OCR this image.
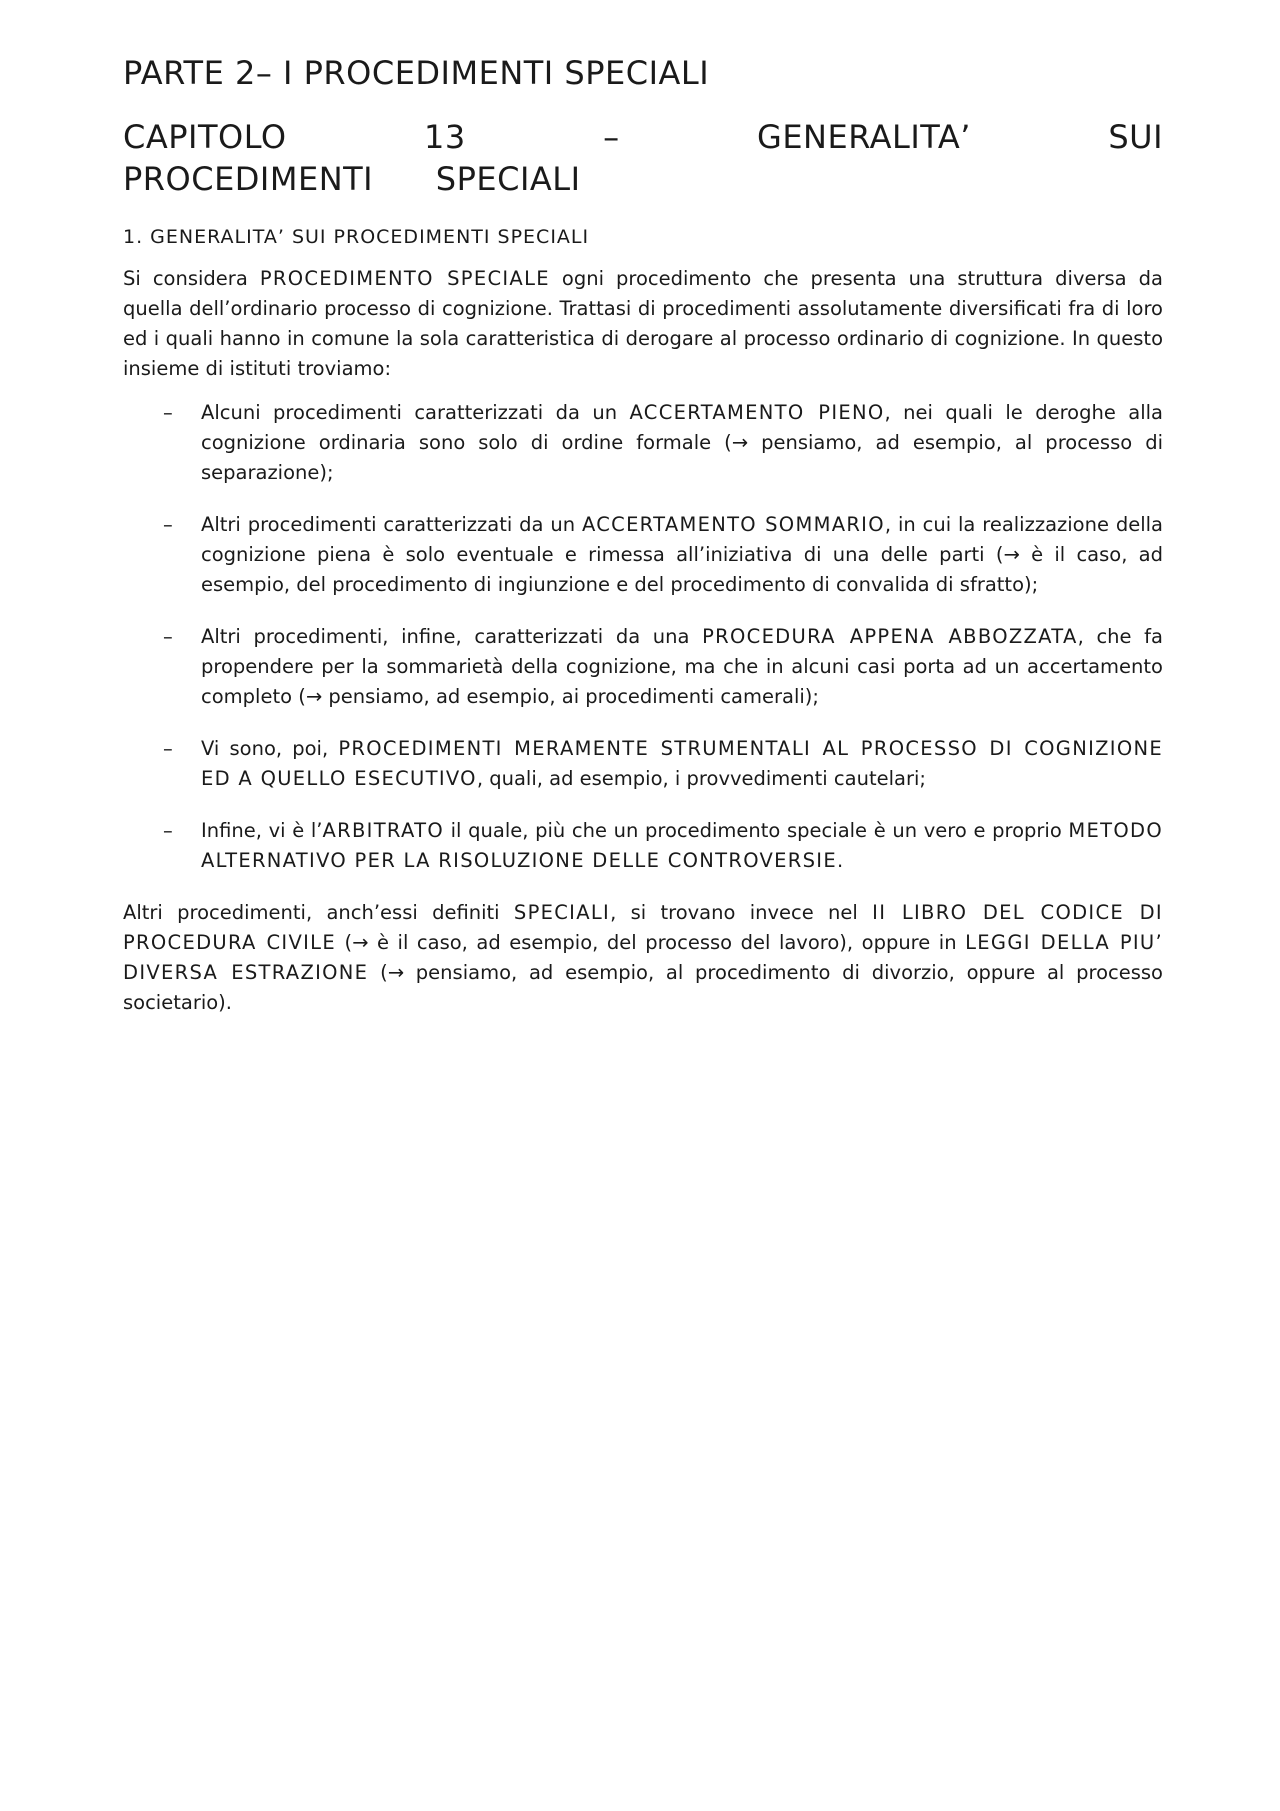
PARTE 2– I PROCEDIMENTI SPECIALI
CAPITOLO 13 – GENERALITA’ SUI PROCEDIMENTI SPECIALI
1. GENERALITA’ SUI PROCEDIMENTI SPECIALI

Si considera PROCEDIMENTO SPECIALE ogni procedimento che presenta una struttura diversa da quella dell’ordinario processo di cognizione. Trattasi di procedimenti assolutamente diversificati fra di loro ed i quali hanno in comune la sola caratteristica di derogare al processo ordinario di cognizione. In questo insieme di istituti troviamo:

– Alcuni procedimenti caratterizzati da un ACCERTAMENTO PIENO, nei quali le deroghe alla cognizione ordinaria sono solo di ordine formale (→ pensiamo, ad esempio, al processo di separazione);
– Altri procedimenti caratterizzati da un ACCERTAMENTO SOMMARIO, in cui la realizzazione della cognizione piena è solo eventuale e rimessa all’iniziativa di una delle parti (→ è il caso, ad esempio, del procedimento di ingiunzione e del procedimento di convalida di sfratto);
– Altri procedimenti, infine, caratterizzati da una PROCEDURA APPENA ABBOZZATA, che fa propendere per la sommarietà della cognizione, ma che in alcuni casi porta ad un accertamento completo (→ pensiamo, ad esempio, ai procedimenti camerali);
– Vi sono, poi, PROCEDIMENTI MERAMENTE STRUMENTALI AL PROCESSO DI COGNIZIONE ED A QUELLO ESECUTIVO, quali, ad esempio, i provvedimenti cautelari;
– Infine, vi è l’ARBITRATO il quale, più che un procedimento speciale è un vero e proprio METODO ALTERNATIVO PER LA RISOLUZIONE DELLE CONTROVERSIE.

Altri procedimenti, anch’essi definiti SPECIALI, si trovano invece nel II LIBRO DEL CODICE DI PROCEDURA CIVILE (→ è il caso, ad esempio, del processo del lavoro), oppure in LEGGI DELLA PIU’ DIVERSA ESTRAZIONE (→ pensiamo, ad esempio, al procedimento di divorzio, oppure al processo societario).
